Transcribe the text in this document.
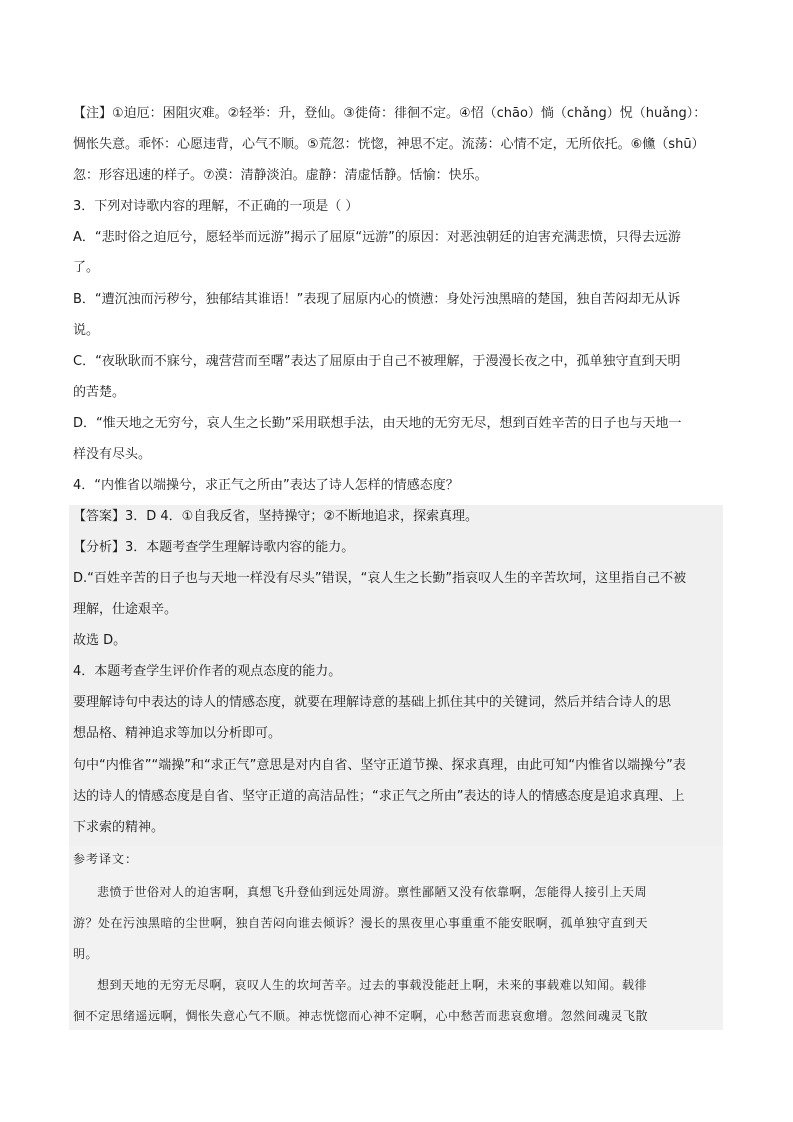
【注】①迫厄：困阻灾难。②轻举：升，登仙。③徙倚：徘徊不定。④怊（chāo）惝（chǎng）怳（huǎng）：
惆怅失意。乖怀：心愿违背，心气不顺。⑤荒忽：恍惚，神思不定。流荡：心情不定，无所依托。⑥儵（shū）
忽：形容迅速的样子。⑦漠：清静淡泊。虚静：清虚恬静。恬愉：快乐。
3．下列对诗歌内容的理解，不正确的一项是（ ）
A．“悲时俗之迫厄兮，愿轻举而远游”揭示了屈原“远游”的原因：对恶浊朝廷的迫害充满悲愤，只得去远游
了。
B．“遭沉浊而污秽兮，独郁结其谁语！”表现了屈原内心的愤懑：身处污浊黑暗的楚国，独自苦闷却无从诉
说。
C．“夜耿耿而不寐兮，魂营营而至曙”表达了屈原由于自己不被理解，于漫漫长夜之中，孤单独守直到天明
的苦楚。
D．“惟天地之无穷兮，哀人生之长勤”采用联想手法，由天地的无穷无尽，想到百姓辛苦的日子也与天地一
样没有尽头。
4．“内惟省以端操兮，求正气之所由”表达了诗人怎样的情感态度？
【答案】3．D 4．①自我反省，坚持操守；②不断地追求，探索真理。
【分析】3．本题考查学生理解诗歌内容的能力。
D.“百姓辛苦的日子也与天地一样没有尽头”错误，“哀人生之长勤”指哀叹人生的辛苦坎坷，这里指自己不被
理解，仕途艰辛。
故选 D。
4．本题考查学生评价作者的观点态度的能力。
要理解诗句中表达的诗人的情感态度，就要在理解诗意的基础上抓住其中的关键词，然后并结合诗人的思
想品格、精神追求等加以分析即可。
句中“内惟省”“端操”和“求正气”意思是对内自省、坚守正道节操、探求真理，由此可知“内惟省以端操兮”表
达的诗人的情感态度是自省、坚守正道的高洁品性；“求正气之所由”表达的诗人的情感态度是追求真理、上
下求索的精神。
参考译文：
悲愤于世俗对人的迫害啊，真想飞升登仙到远处周游。禀性鄙陋又没有依靠啊，怎能得人接引上天周
游？处在污浊黑暗的尘世啊，独自苦闷向谁去倾诉？漫长的黑夜里心事重重不能安眠啊，孤单独守直到天
明。
想到天地的无穷无尽啊，哀叹人生的坎坷苦辛。过去的事载没能赶上啊，未来的事载难以知闻。载徘
徊不定思绪遥远啊，惆怅失意心气不顺。神志恍惚而心神不定啊，心中愁苦而悲哀愈增。忽然间魂灵飞散
